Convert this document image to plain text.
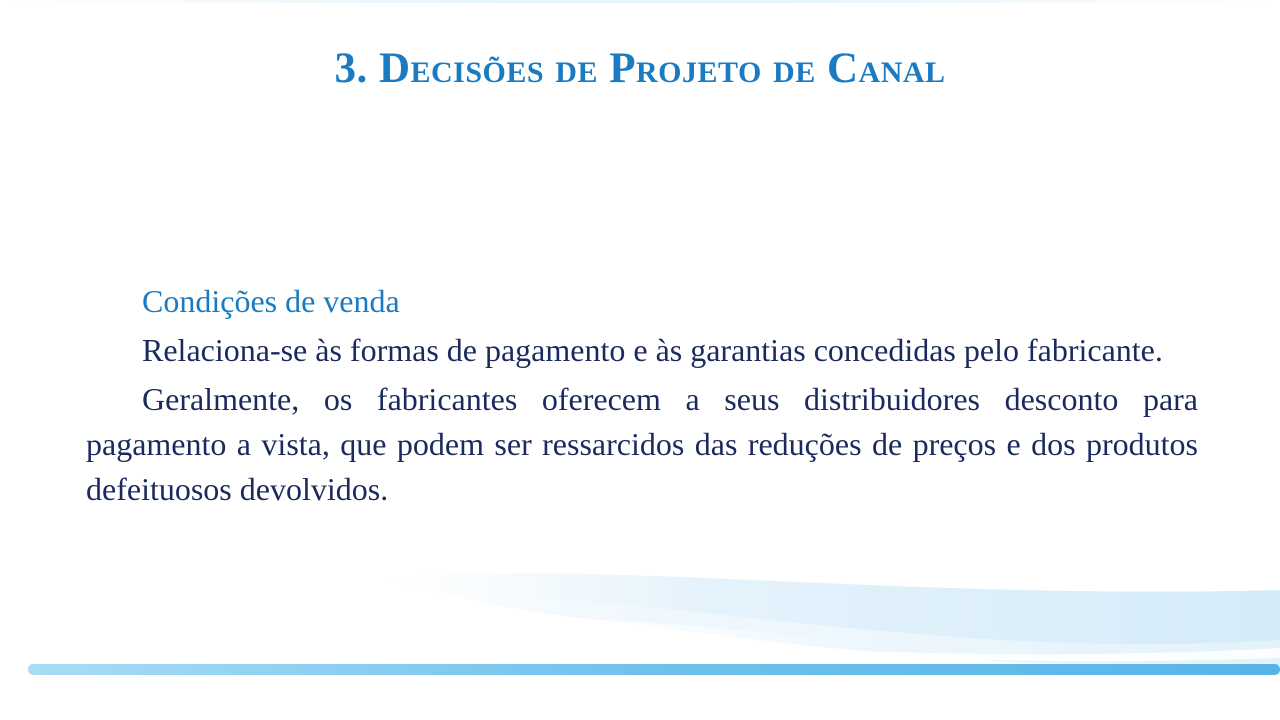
3. Decisões de Projeto de Canal

Condições de venda

Relaciona-se às formas de pagamento e às garantias concedidas pelo fabricante.

Geralmente, os fabricantes oferecem a seus distribuidores desconto para pagamento a vista, que podem ser ressarcidos das reduções de preços e dos produtos defeituosos devolvidos.
